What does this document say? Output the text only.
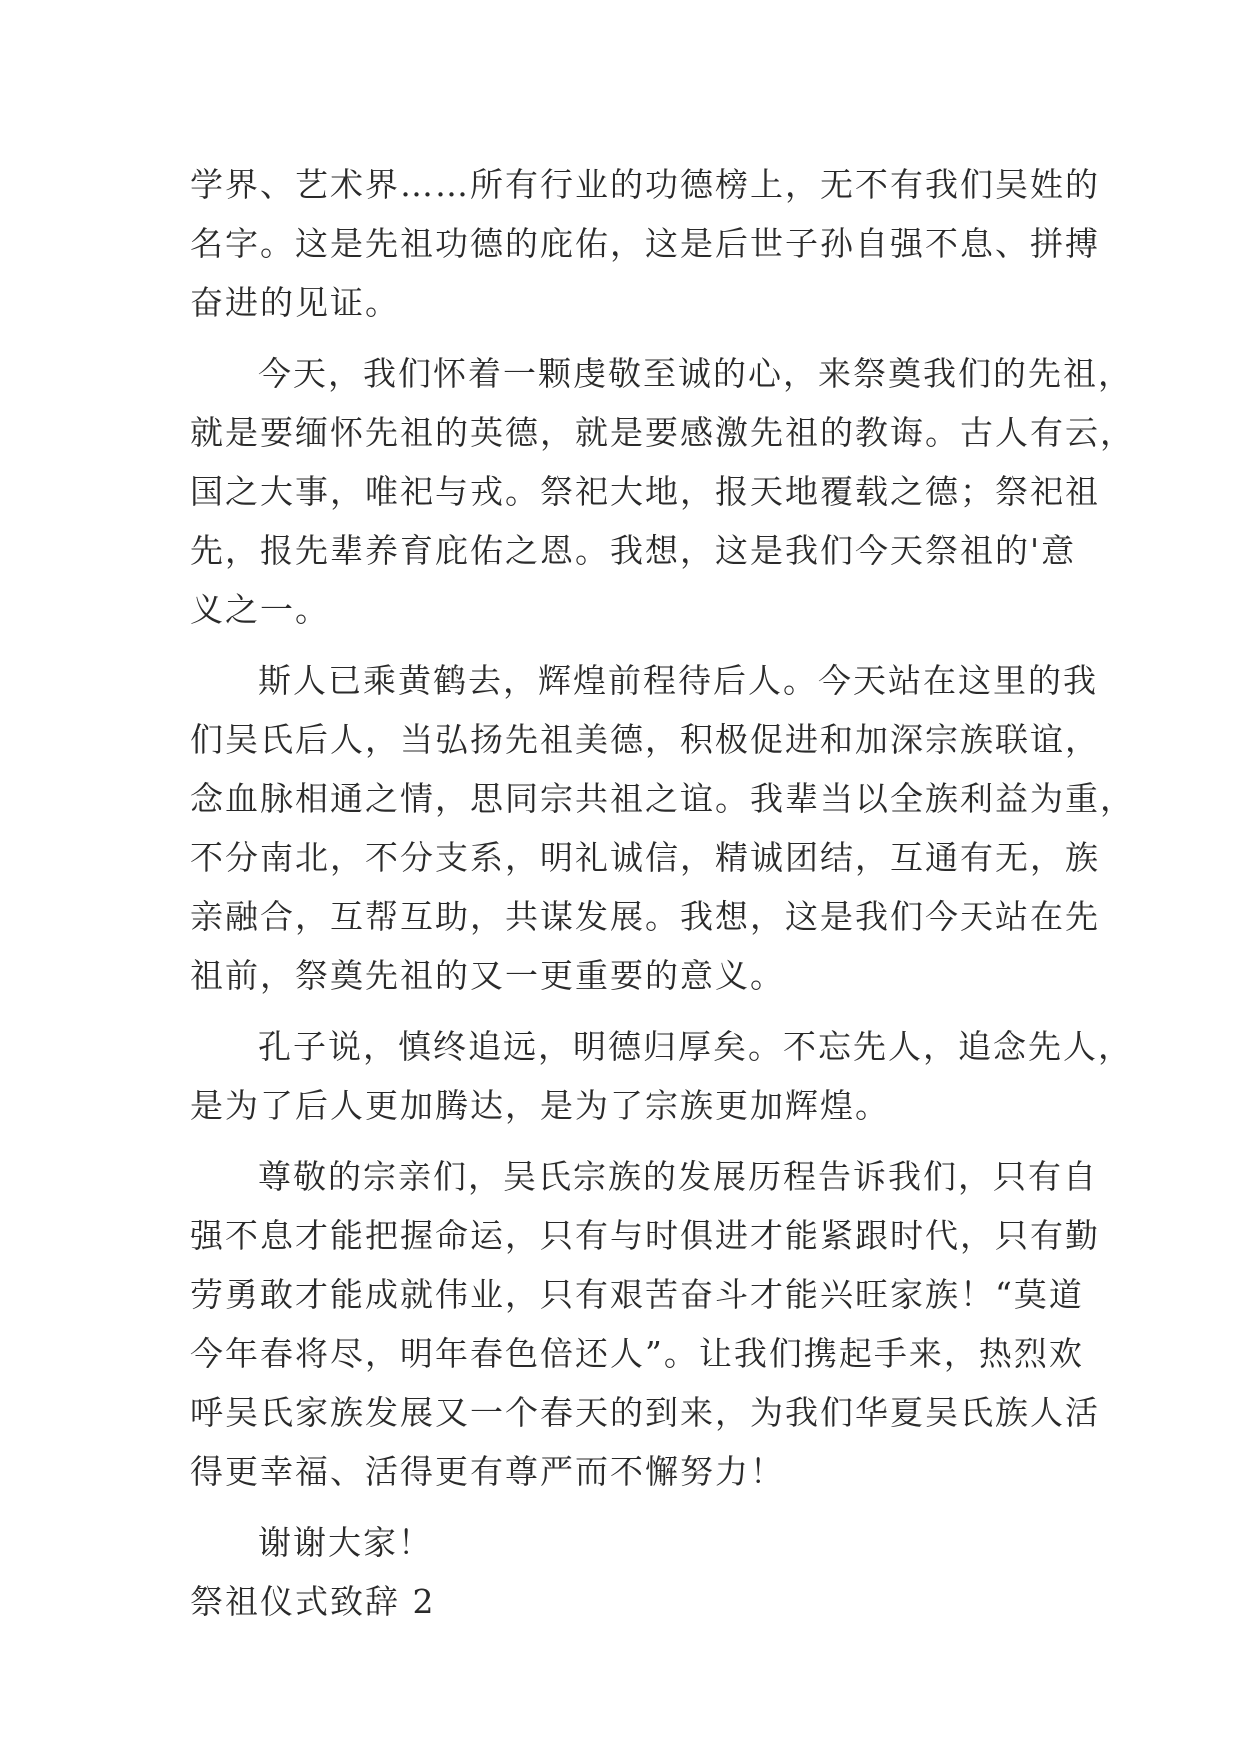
学界、艺术界……所有行业的功德榜上，无不有我们吴姓的
名字。这是先祖功德的庇佑，这是后世子孙自强不息、拼搏
奋进的见证。
今天，我们怀着一颗虔敬至诚的心，来祭奠我们的先祖，
就是要缅怀先祖的英德，就是要感激先祖的教诲。古人有云，
国之大事，唯祀与戎。祭祀大地，报天地覆载之德；祭祀祖
先，报先辈养育庇佑之恩。我想，这是我们今天祭祖的'意
义之一。
斯人已乘黄鹤去，辉煌前程待后人。今天站在这里的我
们吴氏后人，当弘扬先祖美德，积极促进和加深宗族联谊，
念血脉相通之情，思同宗共祖之谊。我辈当以全族利益为重，
不分南北，不分支系，明礼诚信，精诚团结，互通有无，族
亲融合，互帮互助，共谋发展。我想，这是我们今天站在先
祖前，祭奠先祖的又一更重要的意义。
孔子说，慎终追远，明德归厚矣。不忘先人，追念先人，
是为了后人更加腾达，是为了宗族更加辉煌。
尊敬的宗亲们，吴氏宗族的发展历程告诉我们，只有自
强不息才能把握命运，只有与时俱进才能紧跟时代，只有勤
劳勇敢才能成就伟业，只有艰苦奋斗才能兴旺家族！“莫道
今年春将尽，明年春色倍还人”。让我们携起手来，热烈欢
呼吴氏家族发展又一个春天的到来，为我们华夏吴氏族人活
得更幸福、活得更有尊严而不懈努力！
谢谢大家！
祭祖仪式致辞 2
